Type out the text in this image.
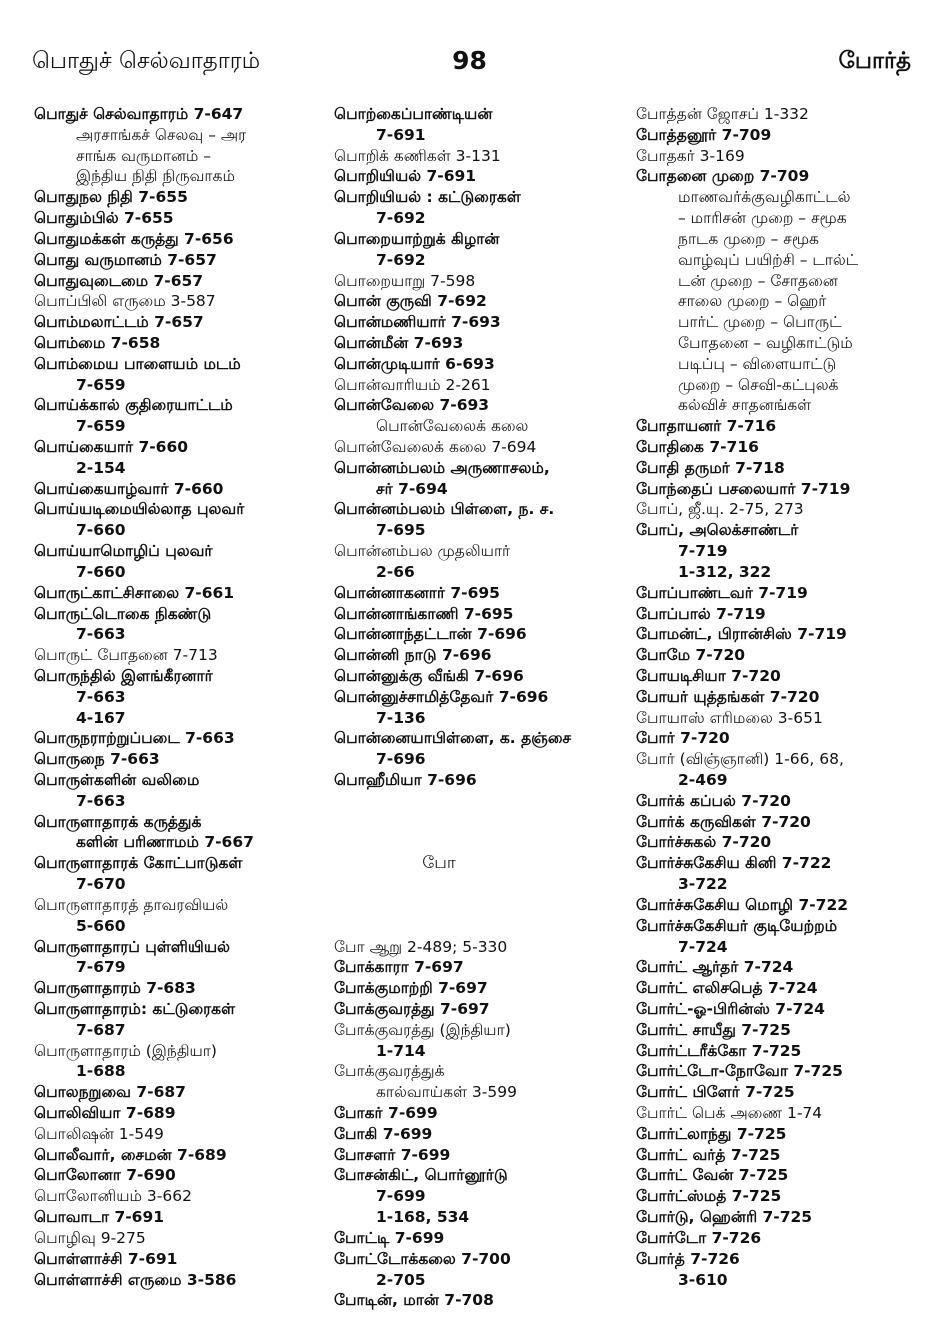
பொதுச் செல்வாதாரம்	98	போர்த்
பொதுச் செல்வாதாரம் 7-647
அரசாங்கச் செலவு – அர
சாங்க வருமானம் –
இந்திய நிதி நிருவாகம்
பொதுநல நிதி 7-655
பொதும்பில் 7-655
பொதுமக்கள் கருத்து 7-656
பொது வருமானம் 7-657
பொதுவுடைமை 7-657
பொப்பிலி எருமை 3-587
பொம்மலாட்டம் 7-657
பொம்மை 7-658
பொம்மைய பாளையம் மடம்
7-659
பொய்க்கால் குதிரையாட்டம்
7-659
பொய்கையார் 7-660
2-154
பொய்கையாழ்வார் 7-660
பொய்யடிமையில்லாத புலவர்
7-660
பொய்யாமொழிப் புலவர்
7-660
பொருட்காட்சிசாலை 7-661
பொருட்டொகை நிகண்டு
7-663
பொருட் போதனை 7-713
பொருந்தில் இளங்கீரனார்
7-663
4-167
பொருநராற்றுப்படை 7-663
பொருநை 7-663
பொருள்களின் வலிமை
7-663
பொருளாதாரக் கருத்துக்
களின் பரிணாமம் 7-667
பொருளாதாரக் கோட்பாடுகள்
7-670
பொருளாதாரத் தாவரவியல்
5-660
பொருளாதாரப் புள்ளியியல்
7-679
பொருளாதாரம் 7-683
பொருளாதாரம்: கட்டுரைகள்
7-687
பொருளாதாரம் (இந்தியா)
1-688
பொலநறுவை 7-687
பொலிவியா 7-689
பொலிஷன் 1-549
பொலீவார், சைமன் 7-689
பொலோனா 7-690
பொலோனியம் 3-662
பொவாடா 7-691
பொழிவு 9-275
பொள்ளாச்சி 7-691
பொள்ளாச்சி எருமை 3-586
பொற்கைப்பாண்டியன்
7-691
பொறிக் கணிகள் 3-131
பொறியியல் 7-691
பொறியியல் : கட்டுரைகள்
7-692
பொறையாற்றுக் கிழான்
7-692
பொறையாறு 7-598
பொன் குருவி 7-692
பொன்மணியார் 7-693
பொன்மீன் 7-693
பொன்முடியார் 6-693
பொன்வாரியம் 2-261
பொன்வேலை 7-693
பொன்வேலைக் கலை
பொன்வேலைக் கலை 7-694
பொன்னம்பலம் அருணாசலம்,
சர் 7-694
பொன்னம்பலம் பிள்ளை, ந. ச.
7-695
பொன்னம்பல முதலியார்
2-66
பொன்னாகனார் 7-695
பொன்னாங்காணி 7-695
பொன்னாந்தட்டான் 7-696
பொன்னி நாடு 7-696
பொன்னுக்கு வீங்கி 7-696
பொன்னுச்சாமித்தேவர் 7-696
7-136
பொன்னையாபிள்ளை, க. தஞ்சை
7-696
பொஹீமியா 7-696
போ
போ ஆறு 2-489; 5-330
போக்காரா 7-697
போக்குமாற்றி 7-697
போக்குவரத்து 7-697
போக்குவரத்து (இந்தியா)
1-714
போக்குவரத்துக்
கால்வாய்கள் 3-599
போகர் 7-699
போகி 7-699
போசளர் 7-699
போசன்கிட், பொர்னூர்டு
7-699
1-168, 534
போட்டி 7-699
போட்டோக்கலை 7-700
2-705
போடின், மான் 7-708
போத்தன் ஜோசப் 1-332
போத்தனூர் 7-709
போதகர் 3-169
போதனை முறை 7-709
மாணவர்க்குவழிகாட்டல்
– மாரிசன் முறை – சமூக
நாடக முறை – சமூக
வாழ்வுப் பயிற்சி – டால்ட்
டன் முறை – சோதனை
சாலை முறை – ஹெர்
பார்ட் முறை – பொருட்
போதனை – வழிகாட்டும்
படிப்பு – விளையாட்டு
முறை – செவி-கட்புலக்
கல்விச் சாதனங்கள்
போதாயனர் 7-716
போதிகை 7-716
போதி தருமர் 7-718
போந்தைப் பசலையார் 7-719
போப், ஜீ.யு. 2-75, 273
போப், அலெக்சாண்டர்
7-719
1-312, 322
போப்பாண்டவர் 7-719
போப்பால் 7-719
போமன்ட், பிரான்சிஸ் 7-719
போமே 7-720
போயடிசியா 7-720
போயர் யுத்தங்கள் 7-720
போயாஸ் எரிமலை 3-651
போர் 7-720
போர் (விஞ்ஞானி) 1-66, 68,
2-469
போர்க் கப்பல் 7-720
போர்க் கருவிகள் 7-720
போர்ச்சுகல் 7-720
போர்ச்சுகேசிய கினி 7-722
3-722
போர்ச்சுகேசிய மொழி 7-722
போர்ச்சுகேசியர் குடியேற்றம்
7-724
போர்ட் ஆர்தர் 7-724
போர்ட் எலிசபெத் 7-724
போர்ட்-ஓ-பிரின்ஸ் 7-724
போர்ட் சாயீது 7-725
போர்ட்டரீக்கோ 7-725
போர்ட்டோ-நோவோ 7-725
போர்ட் பிளேர் 7-725
போர்ட் பெக் அணை 1-74
போர்ட்லாந்து 7-725
போர்ட் வர்த் 7-725
போர்ட் வேன் 7-725
போர்ட்ஸ்மத் 7-725
போர்டு, ஹென்ரி 7-725
போர்டோ 7-726
போர்த் 7-726
3-610
